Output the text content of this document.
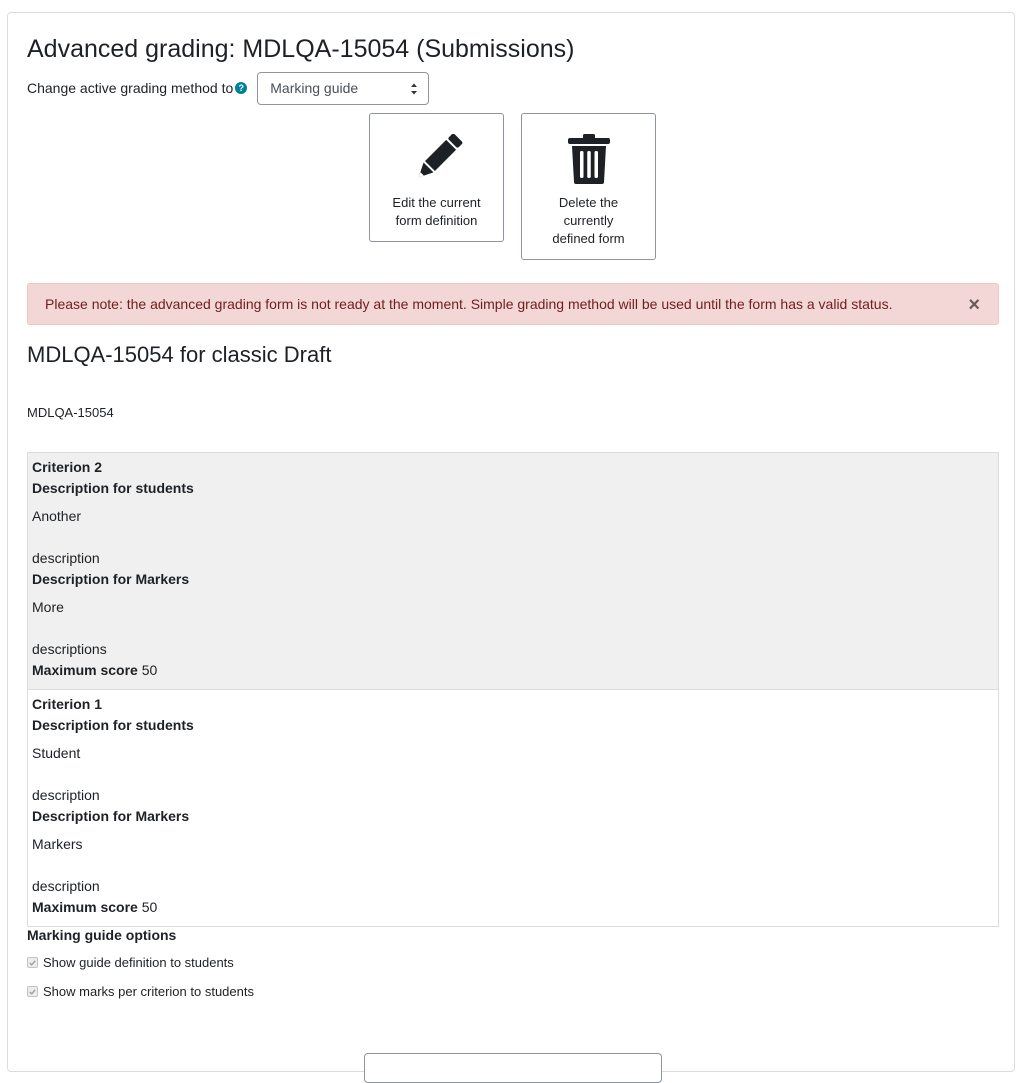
Advanced grading: MDLQA-15054 (Submissions)
Change active grading method to ? Marking guide
Edit the current
form definition
Delete the
currently
defined form
Please note: the advanced grading form is not ready at the moment. Simple grading method will be used until the form has a valid status.	×
MDLQA-15054 for classic Draft
MDLQA-15054
Criterion 2
Description for students
Another
description
Description for Markers
More
descriptions
Maximum score 50
Criterion 1
Description for students
Student
description
Description for Markers
Markers
description
Maximum score 50
Marking guide options
Show guide definition to students
Show marks per criterion to students
